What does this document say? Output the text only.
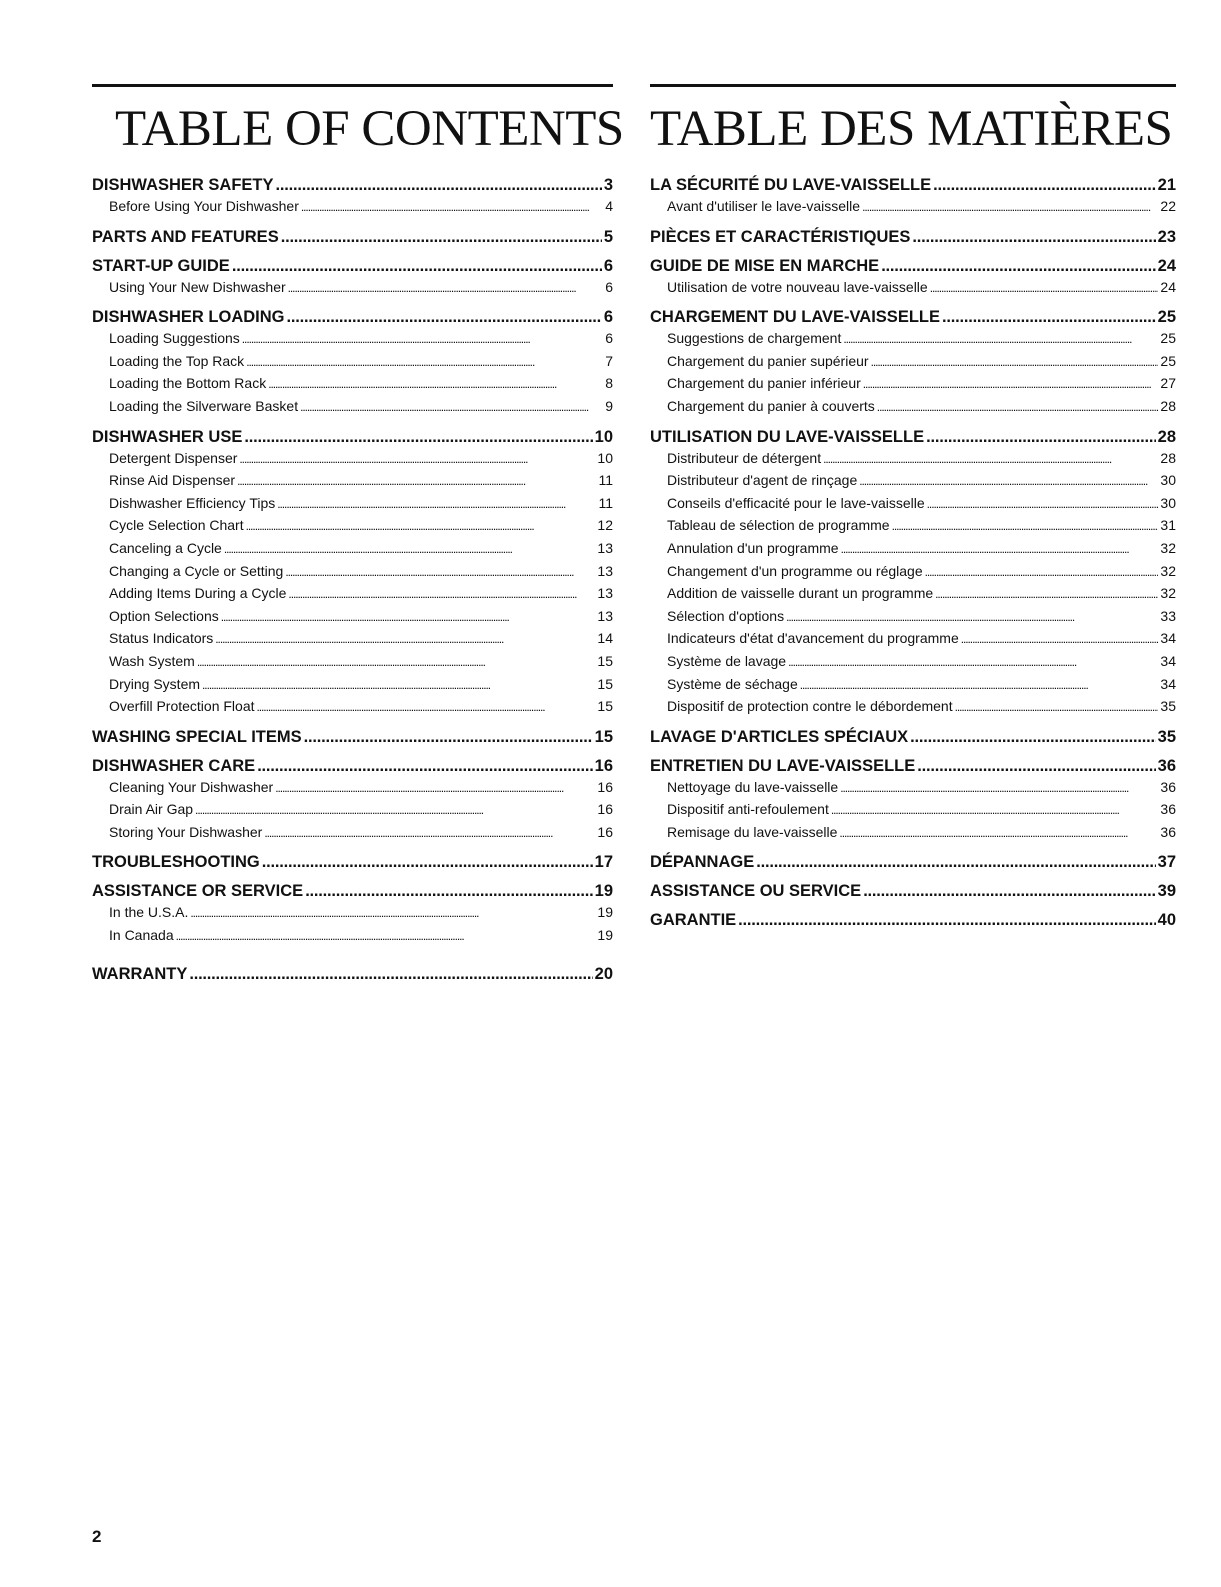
TABLE OF CONTENTS
DISHWASHER SAFETY . . .	3
Before Using Your Dishwasher . . .	4
PARTS AND FEATURES . . .	5
START-UP GUIDE . . .	6
Using Your New Dishwasher . . .	6
DISHWASHER LOADING . . .	6
Loading Suggestions . . .	6
Loading the Top Rack . . .	7
Loading the Bottom Rack . . .	8
Loading the Silverware Basket . . .	9
DISHWASHER USE . . .	10
Detergent Dispenser . . .	10
Rinse Aid Dispenser . . .	11
Dishwasher Efficiency Tips . . .	11
Cycle Selection Chart . . .	12
Canceling a Cycle . . .	13
Changing a Cycle or Setting . . .	13
Adding Items During a Cycle . . .	13
Option Selections . . .	13
Status Indicators . . .	14
Wash System . . .	15
Drying System . . .	15
Overfill Protection Float . . .	15
WASHING SPECIAL ITEMS . . .	15
DISHWASHER CARE . . .	16
Cleaning Your Dishwasher . . .	16
Drain Air Gap . . .	16
Storing Your Dishwasher . . .	16
TROUBLESHOOTING . . .	17
ASSISTANCE OR SERVICE . . .	19
In the U.S.A. . . .	19
In Canada . . .	19
WARRANTY . . .	20
TABLE DES MATIÈRES
LA SÉCURITÉ DU LAVE-VAISSELLE . . .	21
Avant d'utiliser le lave-vaisselle . . .	22
PIÈCES ET CARACTÉRISTIQUES . . .	23
GUIDE DE MISE EN MARCHE . . .	24
Utilisation de votre nouveau lave-vaisselle . . .	24
CHARGEMENT DU LAVE-VAISSELLE . . .	25
Suggestions de chargement . . .	25
Chargement du panier supérieur . . .	25
Chargement du panier inférieur . . .	27
Chargement du panier à couverts . . .	28
UTILISATION DU LAVE-VAISSELLE . . .	28
Distributeur de détergent . . .	28
Distributeur d'agent de rinçage . . .	30
Conseils d'efficacité pour le lave-vaisselle . . .	30
Tableau de sélection de programme . . .	31
Annulation d'un programme . . .	32
Changement d'un programme ou réglage . . .	32
Addition de vaisselle durant un programme . . .	32
Sélection d'options . . .	33
Indicateurs d'état d'avancement du programme . . .	34
Système de lavage . . .	34
Système de séchage . . .	34
Dispositif de protection contre le débordement . . .	35
LAVAGE D'ARTICLES SPÉCIAUX . . .	35
ENTRETIEN DU LAVE-VAISSELLE . . .	36
Nettoyage du lave-vaisselle . . .	36
Dispositif anti-refoulement . . .	36
Remisage du lave-vaisselle . . .	36
DÉPANNAGE . . .	37
ASSISTANCE OU SERVICE . . .	39
GARANTIE . . .	40
2
